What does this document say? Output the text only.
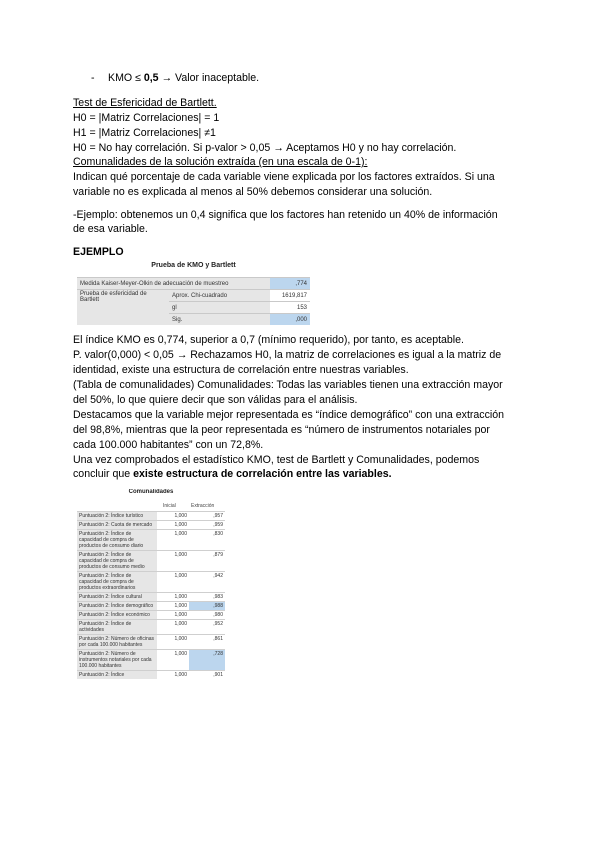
- KMO ≤ 0,5 → Valor inaceptable.
Test de Esfericidad de Bartlett.
H0 = |Matriz Correlaciones| = 1
H1 = |Matriz Correlaciones| ≠1
H0 = No hay correlación. Si p-valor > 0,05 → Aceptamos H0 y no hay correlación.
Comunalidades de la solución extraída (en una escala de 0-1):
Indican qué porcentaje de cada variable viene explicada por los factores extraídos. Si una
variable no es explicada al menos al 50% debemos considerar una solución.
-Ejemplo: obtenemos un 0,4 significa que los factores han retenido un 40% de información
de esa variable.
EJEMPLO
Prueba de KMO y Bartlett
Medida Kaiser-Meyer-Olkin de adecuación de muestreo		,774
Prueba de esfericidad de Bartlett	Aprox. Chi-cuadrado	1619,817
	gl	153
	Sig.	,000
El índice KMO es 0,774, superior a 0,7 (mínimo requerido), por tanto, es aceptable.
P. valor(0,000) < 0,05 → Rechazamos H0, la matriz de correlaciones es igual a la matriz de
identidad, existe una estructura de correlación entre nuestras variables.
(Tabla de comunalidades) Comunalidades: Todas las variables tienen una extracción mayor
del 50%, lo que quiere decir que son válidas para el análisis.
Destacamos que la variable mejor representada es “índice demográfico” con una extracción
del 98,8%, mientras que la peor representada es “número de instrumentos notariales por
cada 100.000 habitantes” con un 72,8%.
Una vez comprobados el estadístico KMO, test de Bartlett y Comunalidades, podemos
concluir que existe estructura de correlación entre las variables.
Comunalidades
Inicial	Extracción
Puntuación 2: Índice turístico	1,000	,957
Puntuación 2: Cuota de mercado	1,000	,959
Puntuación 2: Índice de capacidad de compra de productos de consumo diario	1,000	,830
Puntuación 2: Índice de capacidad de compra de productos de consumo medio	1,000	,879
Puntuación 2: Índice de capacidad de compra de productos extraordinarios	1,000	,942
Puntuación 2: Índice cultural	1,000	,983
Puntuación 2: Índice demográfico	1,000	,988
Puntuación 2: Índice económico	1,000	,980
Puntuación 2: Índice de actividades	1,000	,952
Puntuación 2: Número de oficinas por cada 100.000 habitantes	1,000	,861
Puntuación 2: Número de instrumentos notariales por cada 100.000 habitantes	1,000	,728
Puntuación 2: Índice	1,000	,901
